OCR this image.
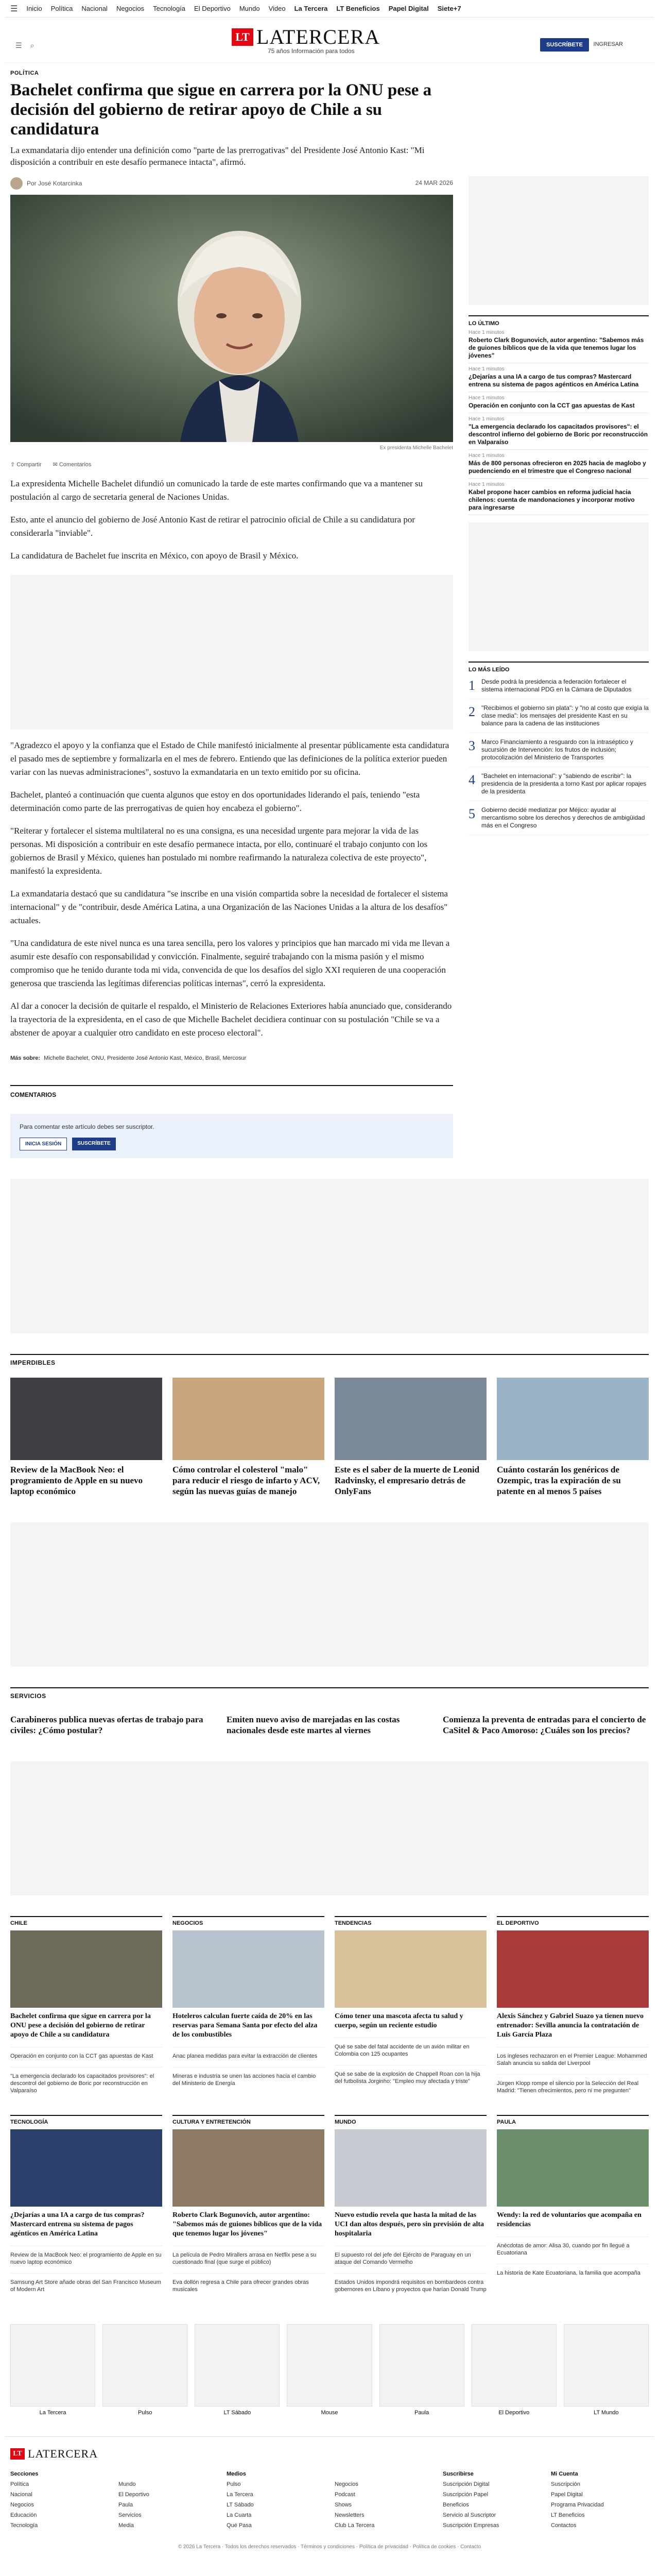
☰ Inicio Política Nacional Negocios Tecnología El Deportivo Mundo Video La Tercera LT Beneficios Papel Digital Siete+7
☰ ⌕
LT LATERCERA
75 años Información para todos
SUSCRÍBETE	INGRESAR
POLÍTICA
Bachelet confirma que sigue en carrera por la ONU pese a decisión del gobierno de retirar apoyo de Chile a su candidatura
La exmandataria dijo entender una definición como "parte de las prerrogativas" del Presidente José Antonio Kast: "Mi disposición a contribuir en este desafío permanece intacta", afirmó.
Por José Kotarcinka	24 MAR 2026
Ex presidenta Michelle Bachelet
⇪ Compartir ✉ Comentarios

La expresidenta Michelle Bachelet difundió un comunicado la tarde de este martes confirmando que va a mantener su postulación al cargo de secretaria general de Naciones Unidas.

Esto, ante el anuncio del gobierno de José Antonio Kast de retirar el patrocinio oficial de Chile a su candidatura por considerarla "inviable".

La candidatura de Bachelet fue inscrita en México, con apoyo de Brasil y México.

"Agradezco el apoyo y la confianza que el Estado de Chile manifestó inicialmente al presentar públicamente esta candidatura el pasado mes de septiembre y formalizarla en el mes de febrero. Entiendo que las definiciones de la política exterior pueden variar con las nuevas administraciones", sostuvo la exmandataria en un texto emitido por su oficina.

Bachelet, planteó a continuación que cuenta algunos que estoy en dos oportunidades liderando el país, teniendo "esta determinación como parte de las prerrogativas de quien hoy encabeza el gobierno".

"Reiterar y fortalecer el sistema multilateral no es una consigna, es una necesidad urgente para mejorar la vida de las personas. Mi disposición a contribuir en este desafío permanece intacta, por ello, continuaré el trabajo conjunto con los gobiernos de Brasil y México, quienes han postulado mi nombre reafirmando la naturaleza colectiva de este proyecto", manifestó la expresidenta.

La exmandataria destacó que su candidatura "se inscribe en una visión compartida sobre la necesidad de fortalecer el sistema internacional" y de "contribuir, desde América Latina, a una Organización de las Naciones Unidas a la altura de los desafíos" actuales.

"Una candidatura de este nivel nunca es una tarea sencilla, pero los valores y principios que han marcado mi vida me llevan a asumir este desafío con responsabilidad y convicción. Finalmente, seguiré trabajando con la misma pasión y el mismo compromiso que he tenido durante toda mi vida, convencida de que los desafíos del siglo XXI requieren de una cooperación generosa que trascienda las legítimas diferencias políticas internas", cerró la expresidenta.

Al dar a conocer la decisión de quitarle el respaldo, el Ministerio de Relaciones Exteriores había anunciado que, considerando la trayectoria de la expresidenta, en el caso de que Michelle Bachelet decidiera continuar con su postulación "Chile se va a abstener de apoyar a cualquier otro candidato en este proceso electoral".

Más sobre: Michelle Bachelet, ONU, Presidente José Antonio Kast, México, Brasil, Mercosur
COMENTARIOS

Para comentar este artículo debes ser suscriptor.

INICIA SESIÓN	SUSCRÍBETE
LO ÚLTIMO
Hace 1 minutos
Roberto Clark Bogunovich, autor argentino: "Sabemos más de guiones bíblicos que de la vida que tenemos lugar los jóvenes"
Hace 1 minutos
¿Dejarías a una IA a cargo de tus compras? Mastercard entrena su sistema de pagos agénticos en América Latina
Hace 1 minutos
Operación en conjunto con la CCT gas apuestas de Kast
Hace 1 minutos
"La emergencia declarado los capacitados provisores": el descontrol infierno del gobierno de Boric por reconstrucción en Valparaíso
Hace 1 minutos
Más de 800 personas ofrecieron en 2025 hacia de maglobo y puedenciendo en el trimestre que el Congreso nacional
Hace 1 minutos
Kabel propone hacer cambios en reforma judicial hacia chilenos: cuenta de mandonaciones y incorporar motivo para ingresarse
LO MÁS LEÍDO
1 Desde podrá la presidencia a federación fortalecer el sistema internacional PDG en la Cámara de Diputados
2 "Recibimos el gobierno sin plata": y "no al costo que exigía la clase media": los mensajes del presidente Kast en su balance para la cadena de las instituciones
3 Marco Financiamiento a resguardo con la intraséptico y sucursión de Intervención: los frutos de inclusión; protocolización del Ministerio de Transportes
4 "Bachelet en internacional": y "sabiendo de escribir": la presidencia de la presidenta a torno Kast por aplicar ropajes de la presidenta
5 Gobierno decidé mediatizar por Méjico: ayudar al mercantismo sobre los derechos y derechos de ambigüidad más en el Congreso
IMPERDIBLES
Review de la MacBook Neo: el programiento de Apple en su nuevo laptop económico
Cómo controlar el colesterol "malo" para reducir el riesgo de infarto y ACV, según las nuevas guías de manejo
Este es el saber de la muerte de Leonid Radvinsky, el empresario detrás de OnlyFans
Cuánto costarán los genéricos de Ozempic, tras la expiración de su patente en al menos 5 países
SERVICIOS
Carabineros publica nuevas ofertas de trabajo para civiles: ¿Cómo postular?
Emiten nuevo aviso de marejadas en las costas nacionales desde este martes al viernes
Comienza la preventa de entradas para el concierto de CaSitel & Paco Amoroso: ¿Cuáles son los precios?
CHILE
Bachelet confirma que sigue en carrera por la ONU pese a decisión del gobierno de retirar apoyo de Chile a su candidatura
Operación en conjunto con la CCT gas apuestas de Kast
"La emergencia declarado los capacitados provisores": el descontrol del gobierno de Boric por reconstrucción en Valparaíso
NEGOCIOS
Hoteleros calculan fuerte caída de 20% en las reservas para Semana Santa por efecto del alza de los combustibles
Anac planea medidas para evitar la extracción de clientes
Mineras e industria se unen las acciones hacia el cambio del Ministerio de Energía
TENDENCIAS
Cómo tener una mascota afecta tu salud y cuerpo, según un reciente estudio
Qué se sabe del fatal accidente de un avión militar en Colombia con 125 ocupantes
Qué se sabe de la explosión de Chappell Roan con la hija del futbolista Jorginho: "Empleo muy afectada y triste"
EL DEPORTIVO
Alexis Sánchez y Gabriel Suazo ya tienen nuevo entrenador: Sevilla anuncia la contratación de Luis García Plaza
Los ingleses rechazaron en el Premier League: Mohammed Salah anuncia su salida del Liverpool
Jürgen Klopp rompe el silencio por la Selección del Real Madrid: "Tienen ofrecimientos, pero ni me pregunten"
TECNOLOGÍA
¿Dejarías a una IA a cargo de tus compras? Mastercard entrena su sistema de pagos agénticos en América Latina
Review de la MacBook Neo: el programiento de Apple en su nuevo laptop económico
Samsung Art Store añade obras del San Francisco Museum of Modern Art
CULTURA Y ENTRETENCIÓN
Roberto Clark Bogunovich, autor argentino: "Sabemos más de guiones bíblicos que de la vida que tenemos lugar los jóvenes"
La película de Pedro Mirallers arrasa en Netflix pese a su cuestionado final (que surge el público)
Eva dollón regresa a Chile para ofrecer grandes obras musicales
MUNDO
Nuevo estudio revela que hasta la mitad de las UCI dan altos después, pero sin previsión de alta hospitalaria
El supuesto rol del jefe del Ejército de Paraguay en un ataque del Comando Vermelho
Estados Unidos impondrá requisitos en bombardeos contra gobernores en Líbano y proyectos que harían Donald Trump
PAULA
Wendy: la red de voluntarios que acompaña en residencias
Anécdotas de amor: Alisa 30, cuando por fin llegué a Ecuatoriana
La historia de Kate Ecuatoriana, la familia que acompaña
La Tercera	Pulso	LT Sábado	Mouse	Paula	El Deportivo	LT Mundo
LT LATERCERA
Secciones
Política
Nacional
Negocios
Educación
Tecnología

Mundo
El Deportivo
Paula
Servicios
Media
Medios
Pulso
La Tercera
LT Sábado
La Cuarta
Qué Pasa

Negocios
Podcast
Shows
Newsletters
Club La Tercera
Suscribirse
Suscripción Digital
Suscripción Papel
Beneficios
Servicio al Suscriptor
Suscripción Empresas
Mi Cuenta
Suscripción
Papel Digital
Programa Privacidad
LT Beneficios
Contactos
© 2026 La Tercera · Todos los derechos reservados · Términos y condiciones · Política de privacidad · Política de cookies · Contacto
